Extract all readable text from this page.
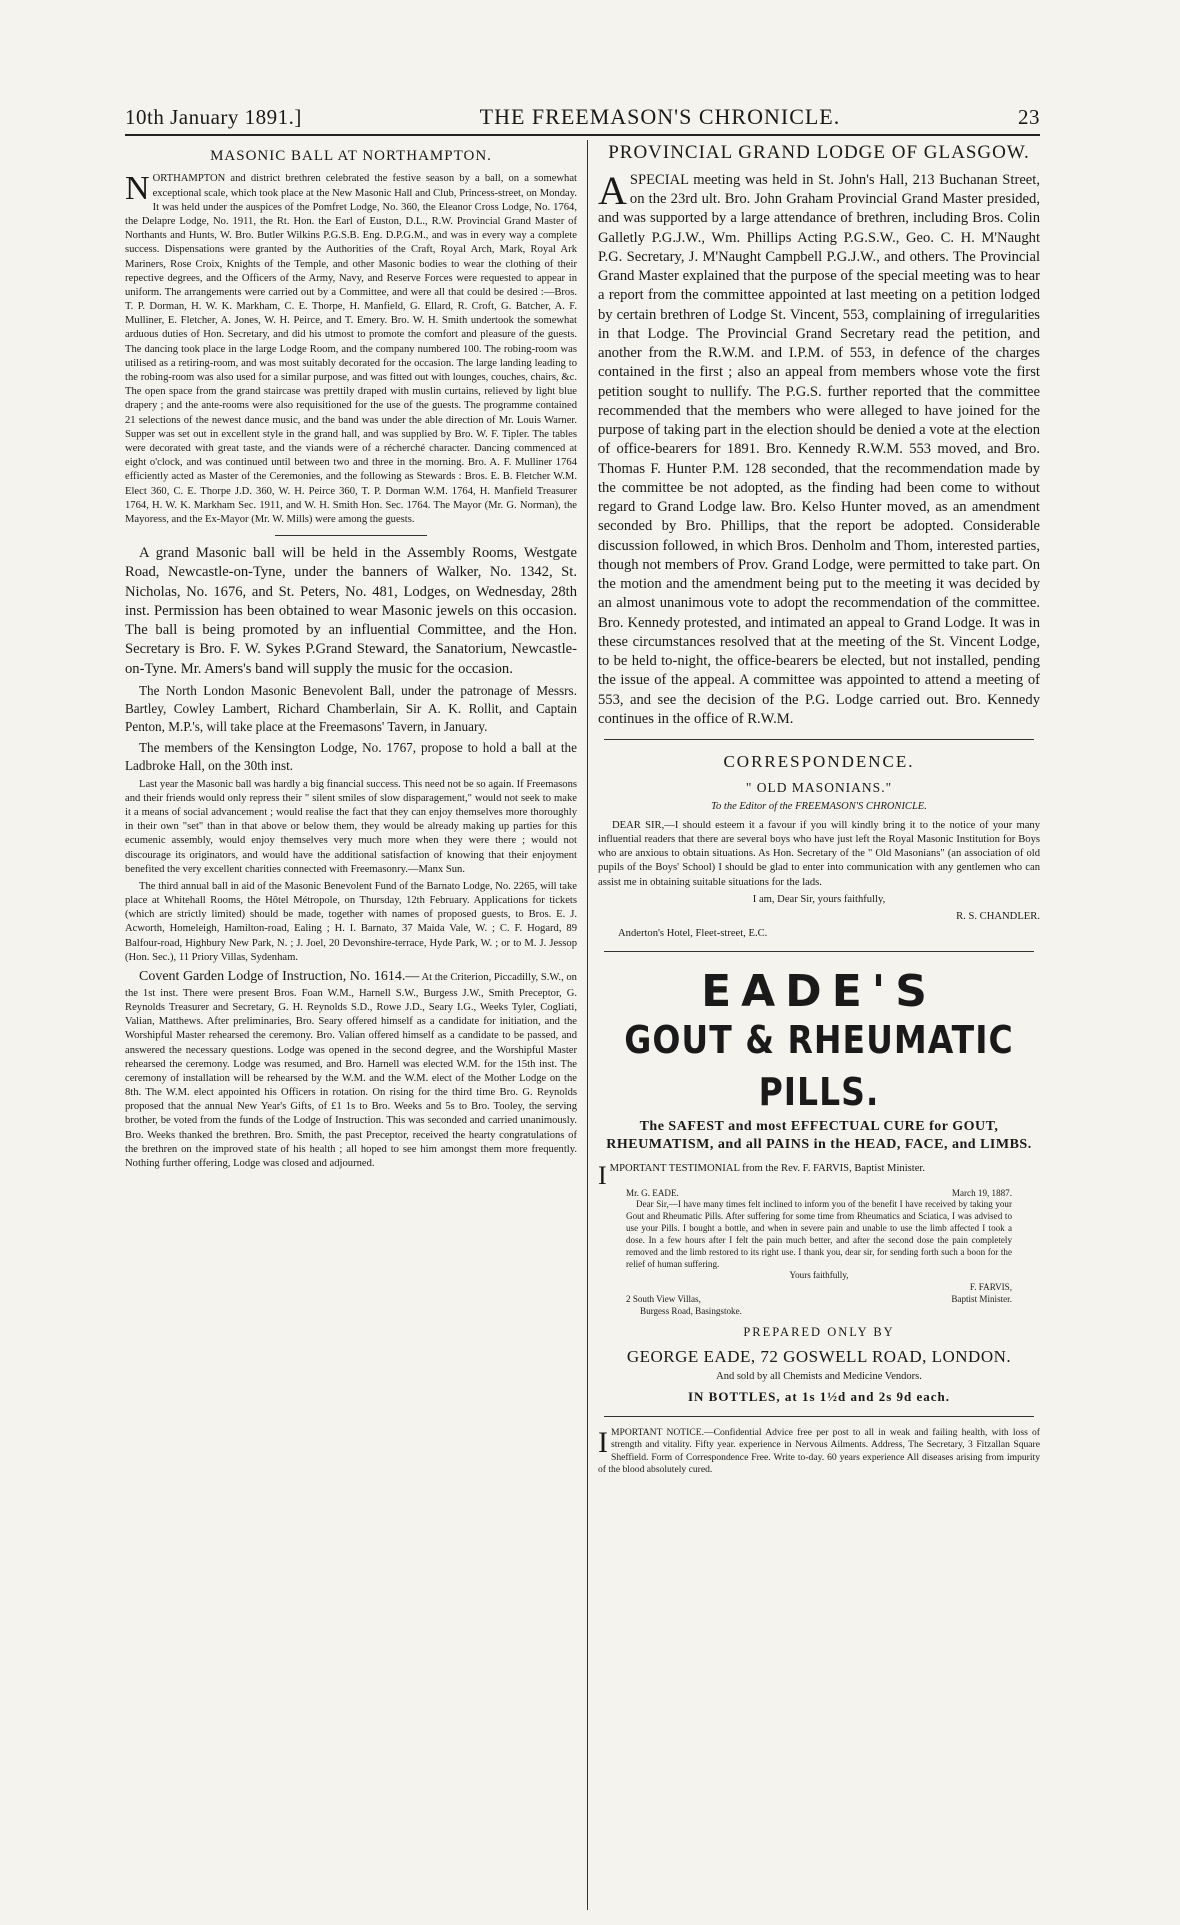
10th January 1891.]	THE FREEMASON'S CHRONICLE.	23
MASONIC BALL AT NORTHAMPTON.

NORTHAMPTON and district brethren celebrated the festive season by a ball, on a somewhat exceptional scale, which took place at the New Masonic Hall and Club, Princess-street, on Monday. It was held under the auspices of the Pomfret Lodge, No. 360, the Eleanor Cross Lodge, No. 1764, the Delapre Lodge, No. 1911, the Rt. Hon. the Earl of Euston, D.L., R.W. Provincial Grand Master of Northants and Hunts, W. Bro. Butler Wilkins P.G.S.B. Eng. D.P.G.M., and was in every way a complete success. Dispensations were granted by the Authorities of the Craft, Royal Arch, Mark, Royal Ark Mariners, Rose Croix, Knights of the Temple, and other Masonic bodies to wear the clothing of their repective degrees, and the Officers of the Army, Navy, and Reserve Forces were requested to appear in uniform. The arrangements were carried out by a Committee, and were all that could be desired :—Bros. T. P. Dorman, H. W. K. Markham, C. E. Thorpe, H. Manfield, G. Ellard, R. Croft, G. Batcher, A. F. Mulliner, E. Fletcher, A. Jones, W. H. Peirce, and T. Emery. Bro. W. H. Smith undertook the somewhat arduous duties of Hon. Secretary, and did his utmost to promote the comfort and pleasure of the guests. The dancing took place in the large Lodge Room, and the company numbered 100. The robing-room was utilised as a retiring-room, and was most suitably decorated for the occasion. The large landing leading to the robing-room was also used for a similar purpose, and was fitted out with lounges, couches, chairs, &c. The open space from the grand staircase was prettily draped with muslin curtains, relieved by light blue drapery ; and the ante-rooms were also requisitioned for the use of the guests. The programme contained 21 selections of the newest dance music, and the band was under the able direction of Mr. Louis Warner. Supper was set out in excellent style in the grand hall, and was supplied by Bro. W. F. Tipler. The tables were decorated with great taste, and the viands were of a récherché character. Dancing commenced at eight o'clock, and was continued until between two and three in the morning. Bro. A. F. Mulliner 1764 efficiently acted as Master of the Ceremonies, and the following as Stewards : Bros. E. B. Fletcher W.M. Elect 360, C. E. Thorpe J.D. 360, W. H. Peirce 360, T. P. Dorman W.M. 1764, H. Manfield Treasurer 1764, H. W. K. Markham Sec. 1911, and W. H. Smith Hon. Sec. 1764. The Mayor (Mr. G. Norman), the Mayoress, and the Ex-Mayor (Mr. W. Mills) were among the guests.

A grand Masonic ball will be held in the Assembly Rooms, Westgate Road, Newcastle-on-Tyne, under the banners of Walker, No. 1342, St. Nicholas, No. 1676, and St. Peters, No. 481, Lodges, on Wednesday, 28th inst. Permission has been obtained to wear Masonic jewels on this occasion. The ball is being promoted by an influential Committee, and the Hon. Secretary is Bro. F. W. Sykes P.Grand Steward, the Sanatorium, Newcastle-on-Tyne. Mr. Amers's band will supply the music for the occasion.

The North London Masonic Benevolent Ball, under the patronage of Messrs. Bartley, Cowley Lambert, Richard Chamberlain, Sir A. K. Rollit, and Captain Penton, M.P.'s, will take place at the Freemasons' Tavern, in January.

The members of the Kensington Lodge, No. 1767, propose to hold a ball at the Ladbroke Hall, on the 30th inst.

Last year the Masonic ball was hardly a big financial success. This need not be so again. If Freemasons and their friends would only repress their " silent smiles of slow disparagement," would not seek to make it a means of social advancement ; would realise the fact that they can enjoy themselves more thoroughly in their own "set" than in that above or below them, they would be already making up parties for this ecumenic assembly, would enjoy themselves very much more when they were there ; would not discourage its originators, and would have the additional satisfaction of knowing that their enjoyment benefited the very excellent charities connected with Freemasonry.—Manx Sun.

The third annual ball in aid of the Masonic Benevolent Fund of the Barnato Lodge, No. 2265, will take place at Whitehall Rooms, the Hôtel Métropole, on Thursday, 12th February. Applications for tickets (which are strictly limited) should be made, together with names of proposed guests, to Bros. E. J. Acworth, Homeleigh, Hamilton-road, Ealing ; H. I. Barnato, 37 Maida Vale, W. ; C. F. Hogard, 89 Balfour-road, Highbury New Park, N. ; J. Joel, 20 Devonshire-terrace, Hyde Park, W. ; or to M. J. Jessop (Hon. Sec.), 11 Priory Villas, Sydenham.

Covent Garden Lodge of Instruction, No. 1614.— At the Criterion, Piccadilly, S.W., on the 1st inst. There were present Bros. Foan W.M., Harnell S.W., Burgess J.W., Smith Preceptor, G. Reynolds Treasurer and Secretary, G. H. Reynolds S.D., Rowe J.D., Seary I.G., Weeks Tyler, Cogliati, Valian, Matthews. After preliminaries, Bro. Seary offered himself as a candidate for initiation, and the Worshipful Master rehearsed the ceremony. Bro. Valian offered himself as a candidate to be passed, and answered the necessary questions. Lodge was opened in the second degree, and the Worshipful Master rehearsed the ceremony. Lodge was resumed, and Bro. Harnell was elected W.M. for the 15th inst. The ceremony of installation will be rehearsed by the W.M. and the W.M. elect of the Mother Lodge on the 8th. The W.M. elect appointed his Officers in rotation. On rising for the third time Bro. G. Reynolds proposed that the annual New Year's Gifts, of £1 1s to Bro. Weeks and 5s to Bro. Tooley, the serving brother, be voted from the funds of the Lodge of Instruction. This was seconded and carried unanimously. Bro. Weeks thanked the brethren. Bro. Smith, the past Preceptor, received the hearty congratulations of the brethren on the improved state of his health ; all hoped to see him amongst them more frequently. Nothing further offering, Lodge was closed and adjourned.

PROVINCIAL GRAND LODGE OF GLASGOW.

ASPECIAL meeting was held in St. John's Hall, 213 Buchanan Street, on the 23rd ult. Bro. John Graham Provincial Grand Master presided, and was supported by a large attendance of brethren, including Bros. Colin Galletly P.G.J.W., Wm. Phillips Acting P.G.S.W., Geo. C. H. M'Naught P.G. Secretary, J. M'Naught Campbell P.G.J.W., and others. The Provincial Grand Master explained that the purpose of the special meeting was to hear a report from the committee appointed at last meeting on a petition lodged by certain brethren of Lodge St. Vincent, 553, complaining of irregularities in that Lodge. The Provincial Grand Secretary read the petition, and another from the R.W.M. and I.P.M. of 553, in defence of the charges contained in the first ; also an appeal from members whose vote the first petition sought to nullify. The P.G.S. further reported that the committee recommended that the members who were alleged to have joined for the purpose of taking part in the election should be denied a vote at the election of office-bearers for 1891. Bro. Kennedy R.W.M. 553 moved, and Bro. Thomas F. Hunter P.M. 128 seconded, that the recommendation made by the committee be not adopted, as the finding had been come to without regard to Grand Lodge law. Bro. Kelso Hunter moved, as an amendment seconded by Bro. Phillips, that the report be adopted. Considerable discussion followed, in which Bros. Denholm and Thom, interested parties, though not members of Prov. Grand Lodge, were permitted to take part. On the motion and the amendment being put to the meeting it was decided by an almost unanimous vote to adopt the recommendation of the committee. Bro. Kennedy protested, and intimated an appeal to Grand Lodge. It was in these circumstances resolved that at the meeting of the St. Vincent Lodge, to be held to-night, the office-bearers be elected, but not installed, pending the issue of the appeal. A committee was appointed to attend a meeting of 553, and see the decision of the P.G. Lodge carried out. Bro. Kennedy continues in the office of R.W.M.

CORRESPONDENCE.
" OLD MASONIANS."
To the Editor of the FREEMASON'S CHRONICLE.

DEAR SIR,—I should esteem it a favour if you will kindly bring it to the notice of your many influential readers that there are several boys who have just left the Royal Masonic Institution for Boys who are anxious to obtain situations. As Hon. Secretary of the " Old Masonians" (an association of old pupils of the Boys' School) I should be glad to enter into communication with any gentlemen who can assist me in obtaining suitable situations for the lads.

I am, Dear Sir, yours faithfully,

R. S. CHANDLER.

Anderton's Hotel, Fleet-street, E.C.

EADE'S
GOUT & RHEUMATIC PILLS.
The SAFEST and most EFFECTUAL CURE for GOUT, RHEUMATISM, and all PAINS in the HEAD, FACE, and LIMBS.

IMPORTANT TESTIMONIAL from the Rev. F. FARVIS, Baptist Minister.

Mr. G. EADE.	March 19, 1887.

Dear Sir,—I have many times felt inclined to inform you of the benefit I have received by taking your Gout and Rheumatic Pills. After suffering for some time from Rheumatics and Sciatica, I was advised to use your Pills. I bought a bottle, and when in severe pain and unable to use the limb affected I took a dose. In a few hours after I felt the pain much better, and after the second dose the pain completely removed and the limb restored to its right use. I thank you, dear sir, for sending forth such a boon for the relief of human suffering.

Yours faithfully,

F. FARVIS,

2 South View Villas,	Baptist Minister.

Burgess Road, Basingstoke.

PREPARED ONLY BY
GEORGE EADE, 72 GOSWELL ROAD, LONDON.
And sold by all Chemists and Medicine Vendors.
IN BOTTLES, at 1s 1½d and 2s 9d each.

IMPORTANT NOTICE.—Confidential Advice free per post to all in weak and failing health, with loss of strength and vitality. Fifty year. experience in Nervous Ailments. Address, The Secretary, 3 Fitzallan Square Sheffield. Form of Correspondence Free. Write to-day. 60 years experience All diseases arising from impurity of the blood absolutely cured.
